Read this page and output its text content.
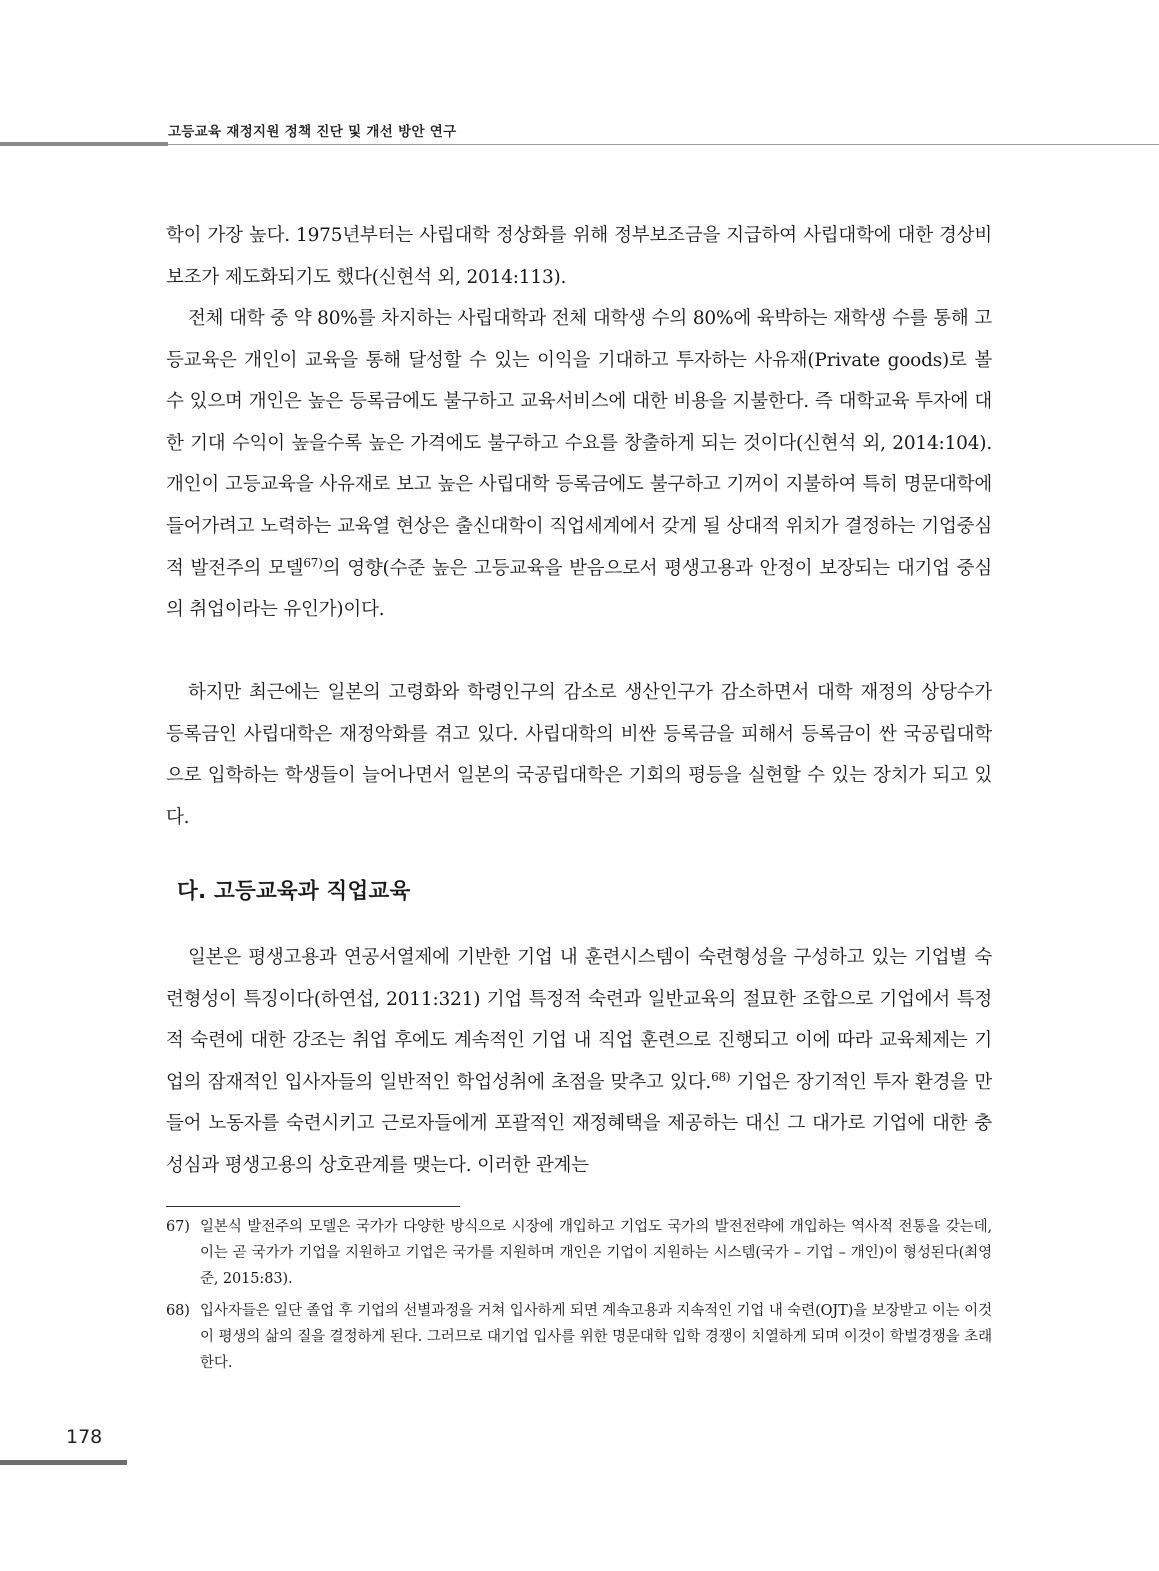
고등교육 재정지원 정책 진단 및 개선 방안 연구

학이 가장 높다. 1975년부터는 사립대학 정상화를 위해 정부보조금을 지급하여 사립대학에 대한 경상비 보조가 제도화되기도 했다(신현석 외, 2014:113).

전체 대학 중 약 80%를 차지하는 사립대학과 전체 대학생 수의 80%에 육박하는 재학생 수를 통해 고등교육은 개인이 교육을 통해 달성할 수 있는 이익을 기대하고 투자하는 사유재(Private goods)로 볼 수 있으며 개인은 높은 등록금에도 불구하고 교육서비스에 대한 비용을 지불한다. 즉 대학교육 투자에 대한 기대 수익이 높을수록 높은 가격에도 불구하고 수요를 창출하게 되는 것이다(신현석 외, 2014:104). 개인이 고등교육을 사유재로 보고 높은 사립대학 등록금에도 불구하고 기꺼이 지불하여 특히 명문대학에 들어가려고 노력하는 교육열 현상은 출신대학이 직업세계에서 갖게 될 상대적 위치가 결정하는 기업중심적 발전주의 모델$^{67)}$의 영향(수준 높은 고등교육을 받음으로서 평생고용과 안정이 보장되는 대기업 중심의 취업이라는 유인가)이다.

하지만 최근에는 일본의 고령화와 학령인구의 감소로 생산인구가 감소하면서 대학 재정의 상당수가 등록금인 사립대학은 재정악화를 겪고 있다. 사립대학의 비싼 등록금을 피해서 등록금이 싼 국공립대학으로 입학하는 학생들이 늘어나면서 일본의 국공립대학은 기회의 평등을 실현할 수 있는 장치가 되고 있다.

다. 고등교육과 직업교육

일본은 평생고용과 연공서열제에 기반한 기업 내 훈련시스템이 숙련형성을 구성하고 있는 기업별 숙련형성이 특징이다(하연섭, 2011:321) 기업 특정적 숙련과 일반교육의 절묘한 조합으로 기업에서 특정적 숙련에 대한 강조는 취업 후에도 계속적인 기업 내 직업 훈련으로 진행되고 이에 따라 교육체제는 기업의 잠재적인 입사자들의 일반적인 학업성취에 초점을 맞추고 있다.$^{68)}$ 기업은 장기적인 투자 환경을 만들어 노동자를 숙련시키고 근로자들에게 포괄적인 재정혜택을 제공하는 대신 그 대가로 기업에 대한 충성심과 평생고용의 상호관계를 맺는다. 이러한 관계는

67) 일본식 발전주의 모델은 국가가 다양한 방식으로 시장에 개입하고 기업도 국가의 발전전략에 개입하는 역사적 전통을 갖는데, 이는 곧 국가가 기업을 지원하고 기업은 국가를 지원하며 개인은 기업이 지원하는 시스템(국가 – 기업 – 개인)이 형성된다(최영준, 2015:83).

68) 입사자들은 일단 졸업 후 기업의 선별과정을 거쳐 입사하게 되면 계속고용과 지속적인 기업 내 숙련(OJT)을 보장받고 이는 이것이 평생의 삶의 질을 결정하게 된다. 그러므로 대기업 입사를 위한 명문대학 입학 경쟁이 치열하게 되며 이것이 학벌경쟁을 초래한다.

178
